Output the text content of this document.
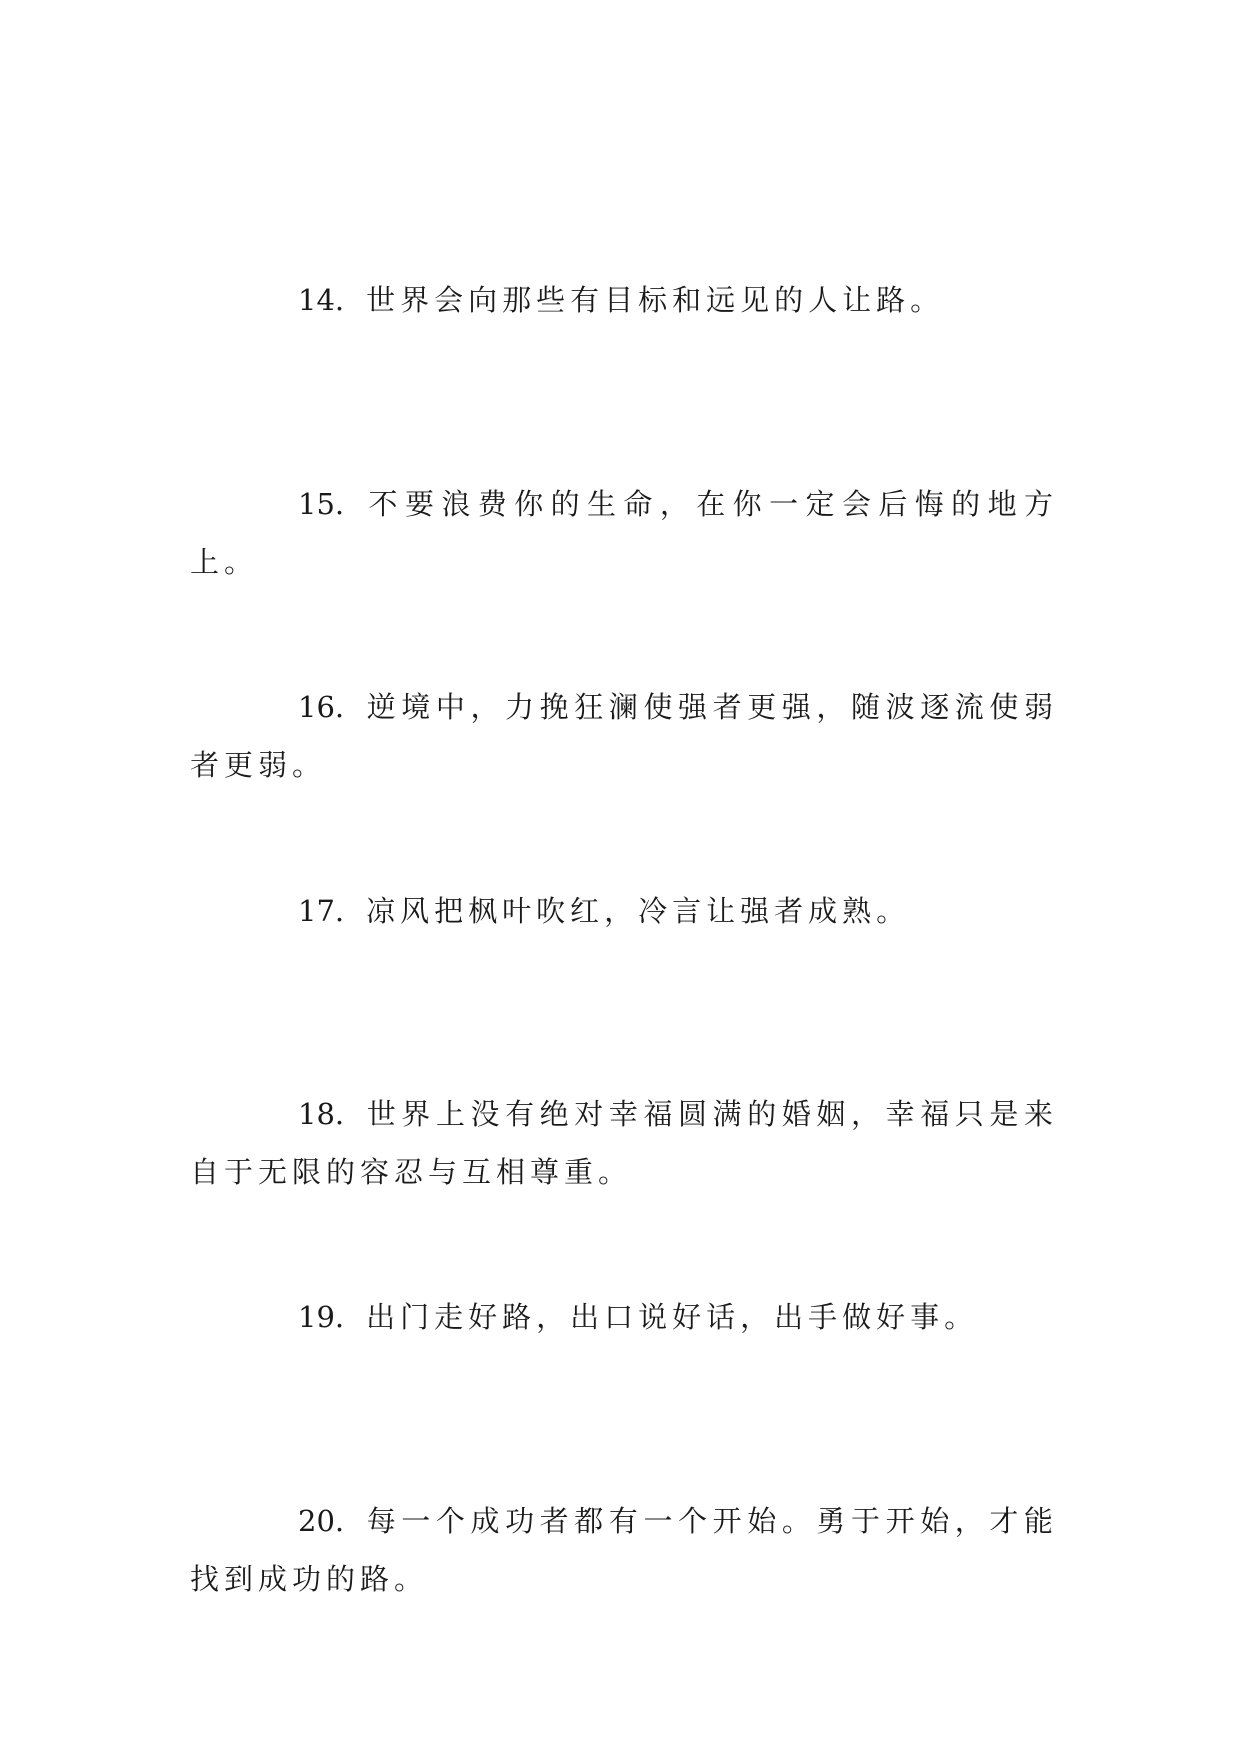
14. 世界会向那些有目标和远见的人让路。

15. 不要浪费你的生命，在你一定会后悔的地方上。

16. 逆境中，力挽狂澜使强者更强，随波逐流使弱者更弱。

17. 凉风把枫叶吹红，冷言让强者成熟。

18. 世界上没有绝对幸福圆满的婚姻，幸福只是来自于无限的容忍与互相尊重。

19. 出门走好路，出口说好话，出手做好事。

20. 每一个成功者都有一个开始。勇于开始，才能找到成功的路。
